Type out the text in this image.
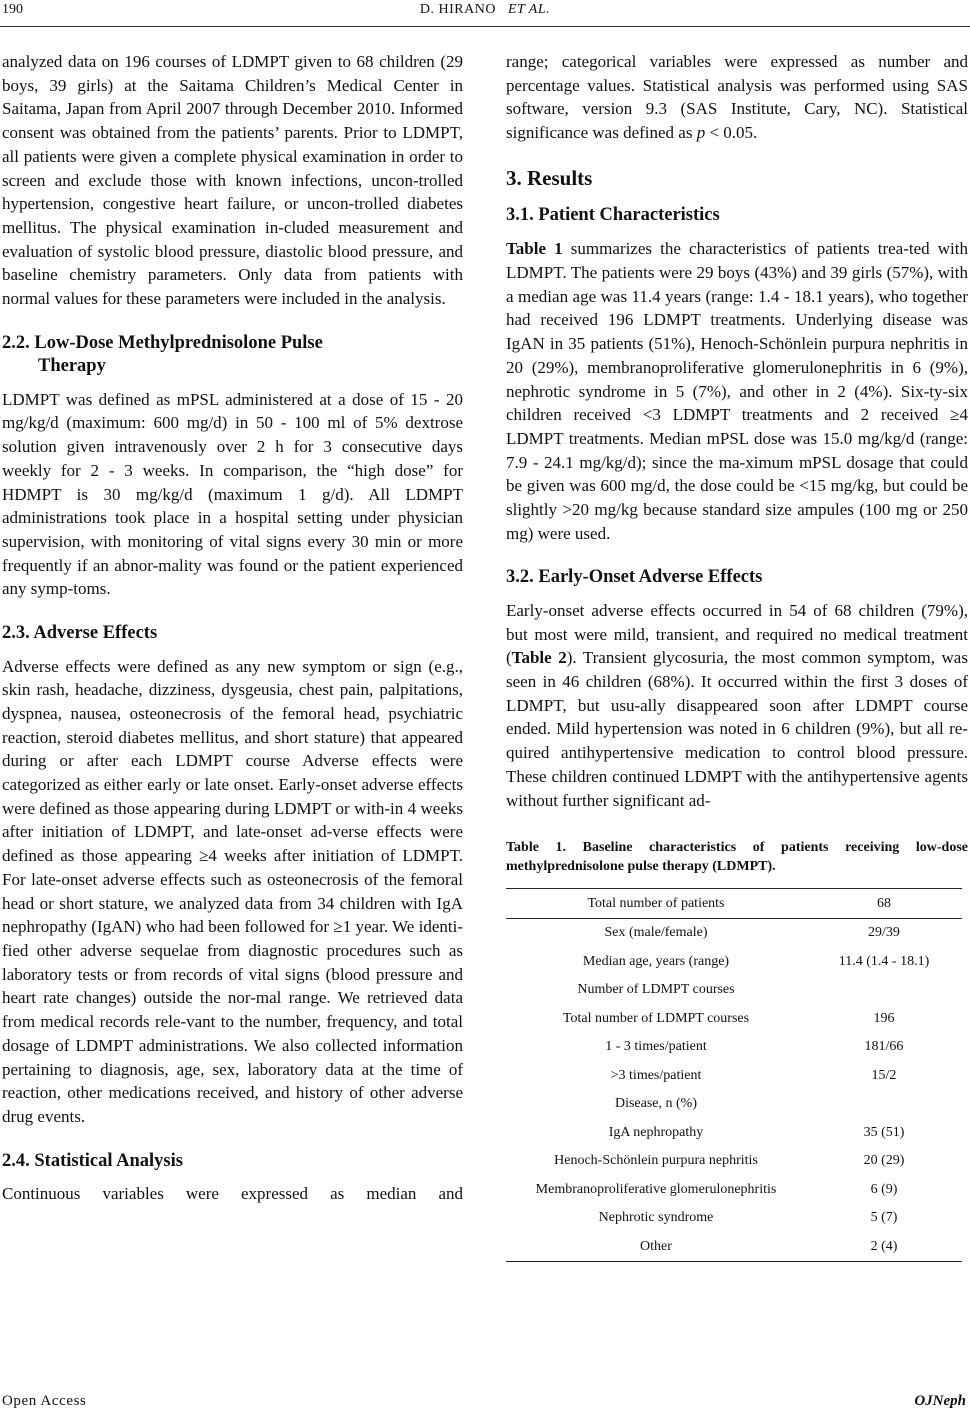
190	D. HIRANO ET AL.

analyzed data on 196 courses of LDMPT given to 68 children (29 boys, 39 girls) at the Saitama Children’s Medical Center in Saitama, Japan from April 2007 through December 2010. Informed consent was obtained from the patients’ parents. Prior to LDMPT, all patients were given a complete physical examination in order to screen and exclude those with known infections, uncon-trolled hypertension, congestive heart failure, or uncon-trolled diabetes mellitus. The physical examination in-cluded measurement and evaluation of systolic blood pressure, diastolic blood pressure, and baseline chemistry parameters. Only data from patients with normal values for these parameters were included in the analysis.

2.2. Low-Dose Methylprednisolone Pulse
Therapy

LDMPT was defined as mPSL administered at a dose of 15 - 20 mg/kg/d (maximum: 600 mg/d) in 50 - 100 ml of 5% dextrose solution given intravenously over 2 h for 3 consecutive days weekly for 2 - 3 weeks. In comparison, the “high dose” for HDMPT is 30 mg/kg/d (maximum 1 g/d). All LDMPT administrations took place in a hospital setting under physician supervision, with monitoring of vital signs every 30 min or more frequently if an abnor-mality was found or the patient experienced any symp-toms.

2.3. Adverse Effects

Adverse effects were defined as any new symptom or sign (e.g., skin rash, headache, dizziness, dysgeusia, chest pain, palpitations, dyspnea, nausea, osteonecrosis of the femoral head, psychiatric reaction, steroid diabetes mellitus, and short stature) that appeared during or after each LDMPT course Adverse effects were categorized as either early or late onset. Early-onset adverse effects were defined as those appearing during LDMPT or with-in 4 weeks after initiation of LDMPT, and late-onset ad-verse effects were defined as those appearing ≥4 weeks after initiation of LDMPT. For late-onset adverse effects such as osteonecrosis of the femoral head or short stature, we analyzed data from 34 children with IgA nephropathy (IgAN) who had been followed for ≥1 year. We identi-fied other adverse sequelae from diagnostic procedures such as laboratory tests or from records of vital signs (blood pressure and heart rate changes) outside the nor-mal range. We retrieved data from medical records rele-vant to the number, frequency, and total dosage of LDMPT administrations. We also collected information pertaining to diagnosis, age, sex, laboratory data at the time of reaction, other medications received, and history of other adverse drug events.

2.4. Statistical Analysis

Continuous variables were expressed as median and

range; categorical variables were expressed as number and percentage values. Statistical analysis was performed using SAS software, version 9.3 (SAS Institute, Cary, NC). Statistical significance was defined as p < 0.05.

3. Results
3.1. Patient Characteristics

Table 1 summarizes the characteristics of patients trea-ted with LDMPT. The patients were 29 boys (43%) and 39 girls (57%), with a median age was 11.4 years (range: 1.4 - 18.1 years), who together had received 196 LDMPT treatments. Underlying disease was IgAN in 35 patients (51%), Henoch-Schönlein purpura nephritis in 20 (29%), membranoproliferative glomerulonephritis in 6 (9%), nephrotic syndrome in 5 (7%), and other in 2 (4%). Six-ty-six children received <3 LDMPT treatments and 2 received ≥4 LDMPT treatments. Median mPSL dose was 15.0 mg/kg/d (range: 7.9 - 24.1 mg/kg/d); since the ma-ximum mPSL dosage that could be given was 600 mg/d, the dose could be <15 mg/kg, but could be slightly >20 mg/kg because standard size ampules (100 mg or 250 mg) were used.

3.2. Early-Onset Adverse Effects

Early-onset adverse effects occurred in 54 of 68 children (79%), but most were mild, transient, and required no medical treatment (Table 2). Transient glycosuria, the most common symptom, was seen in 46 children (68%). It occurred within the first 3 doses of LDMPT, but usu-ally disappeared soon after LDMPT course ended. Mild hypertension was noted in 6 children (9%), but all re-quired antihypertensive medication to control blood pressure. These children continued LDMPT with the antihypertensive agents without further significant ad-

Table 1. Baseline characteristics of patients receiving low-dose methylprednisolone pulse therapy (LDMPT).

Total number of patients	68
Sex (male/female)	29/39
Median age, years (range)	11.4 (1.4 - 18.1)
Number of LDMPT courses	
Total number of LDMPT courses	196
1 - 3 times/patient	181/66
>3 times/patient	15/2
Disease, n (%)	
IgA nephropathy	35 (51)
Henoch-Schönlein purpura nephritis	20 (29)
Membranoproliferative glomerulonephritis	6 (9)
Nephrotic syndrome	5 (7)
Other	2 (4)
Open Access	OJNeph
